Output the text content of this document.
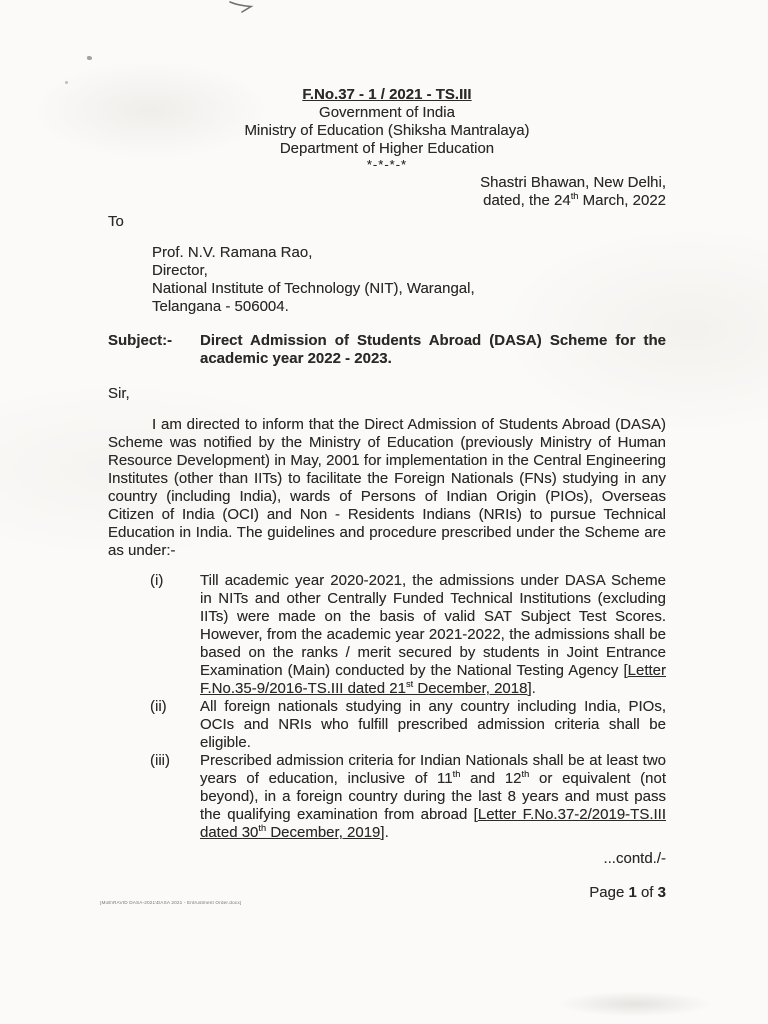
F.No.37 - 1 / 2021 - TS.III
Government of India
Ministry of Education (Shiksha Mantralaya)
Department of Higher Education
*-*-*-*
Shastri Bhawan, New Delhi,
dated, the 24th March, 2022
To
Prof. N.V. Ramana Rao,
Director,
National Institute of Technology (NIT), Warangal,
Telangana - 506004.
Subject:-	Direct Admission of Students Abroad (DASA) Scheme for the academic year 2022 - 2023.
Sir,

I am directed to inform that the Direct Admission of Students Abroad (DASA) Scheme was notified by the Ministry of Education (previously Ministry of Human Resource Development) in May, 2001 for implementation in the Central Engineering Institutes (other than IITs) to facilitate the Foreign Nationals (FNs) studying in any country (including India), wards of Persons of Indian Origin (PIOs), Overseas Citizen of India (OCI) and Non - Residents Indians (NRIs) to pursue Technical Education in India. The guidelines and procedure prescribed under the Scheme are as under:-

(i)	Till academic year 2020-2021, the admissions under DASA Scheme in NITs and other Centrally Funded Technical Institutions (excluding IITs) were made on the basis of valid SAT Subject Test Scores. However, from the academic year 2021-2022, the admissions shall be based on the ranks / merit secured by students in Joint Entrance Examination (Main) conducted by the National Testing Agency [Letter F.No.35-9/2016-TS.III dated 21st December, 2018].
(ii)	All foreign nationals studying in any country including India, PIOs, OCIs and NRIs who fulfill prescribed admission criteria shall be eligible.
(iii)	Prescribed admission criteria for Indian Nationals shall be at least two years of education, inclusive of 11th and 12th or equivalent (not beyond), in a foreign country during the last 8 years and must pass the qualifying examination from abroad [Letter F.No.37-2/2019-TS.III dated 30th December, 2019].
...contd./-
Page 1 of 3
[MoE\RAVID DASA-2021\DASA 2021 - Entrustment Order.docx]
